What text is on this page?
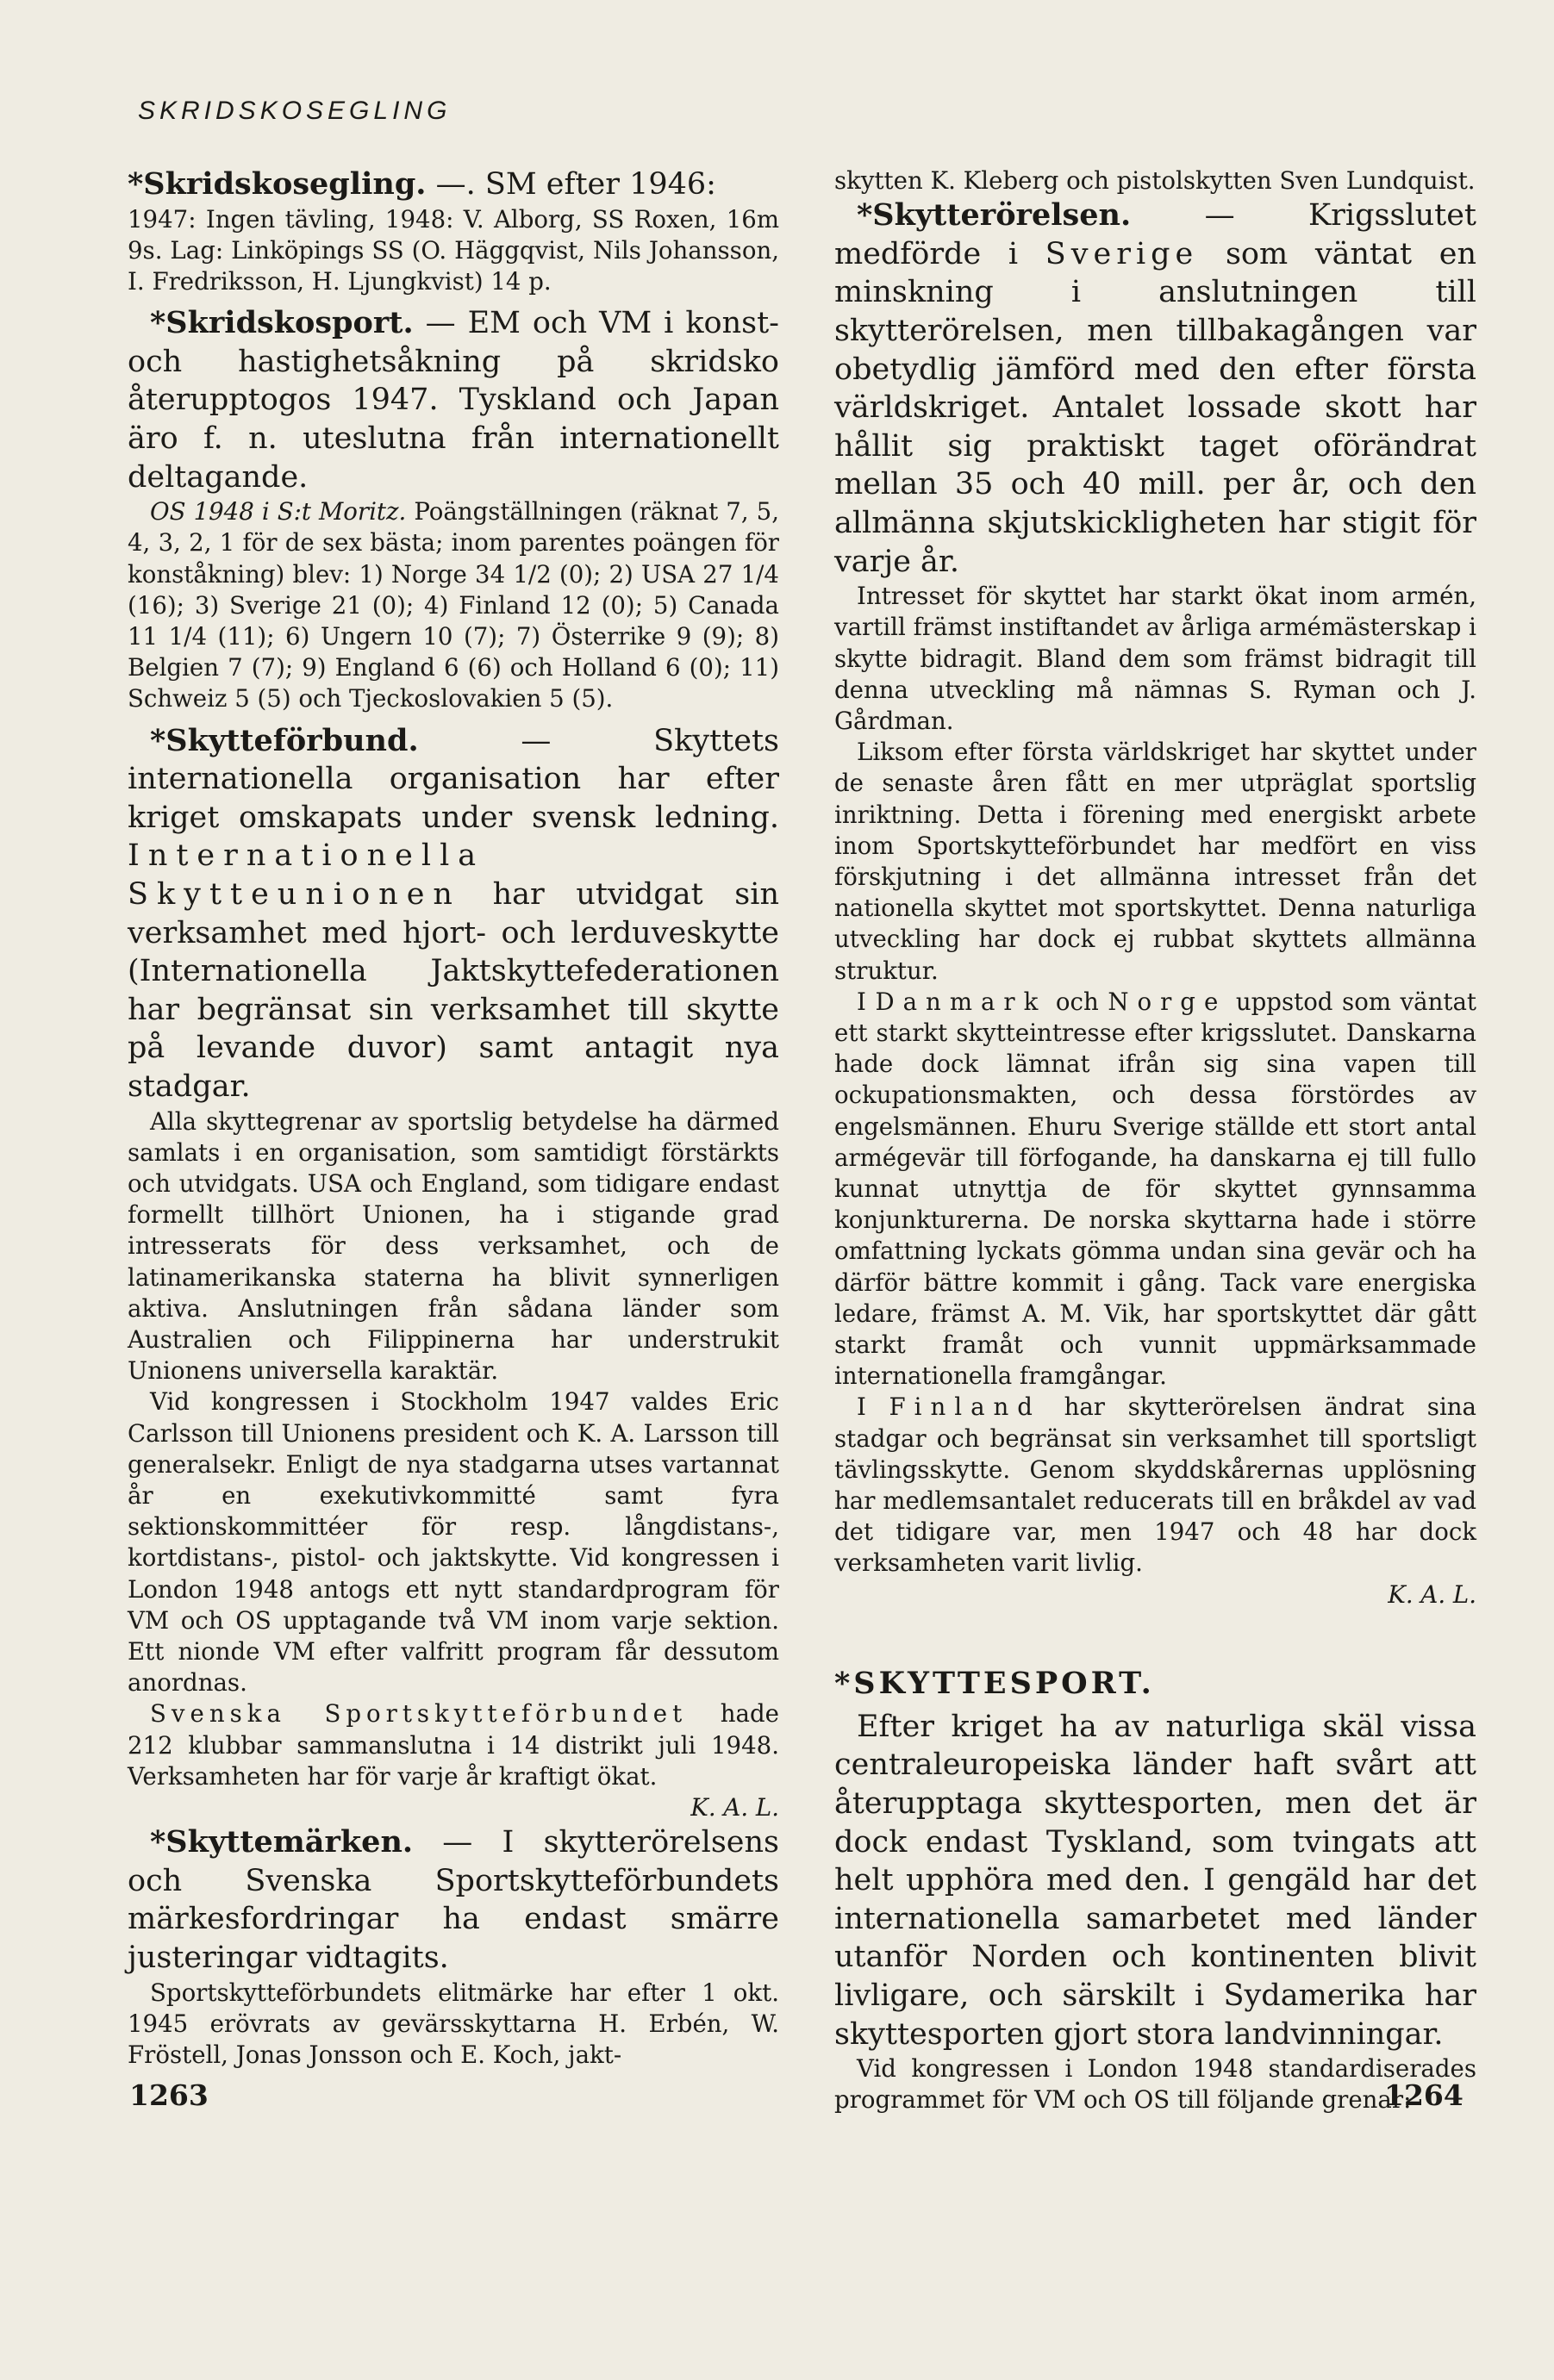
SKRIDSKOSEGLING

*Skridskosegling. —. SM efter 1946:

1947: Ingen tävling, 1948: V. Alborg, SS Roxen, 16m 9s. Lag: Linköpings SS (O. Häggqvist, Nils Johansson, I. Fredriksson, H. Ljungkvist) 14 p.

*Skridskosport. — EM och VM i konst- och hastighetsåkning på skridsko återupptogos 1947. Tyskland och Japan äro f. n. uteslutna från internationellt deltagande.

OS 1948 i S:t Moritz. Poängställningen (räknat 7, 5, 4, 3, 2, 1 för de sex bästa; inom parentes poängen för konståkning) blev: 1) Norge 34 1/2 (0); 2) USA 27 1/4 (16); 3) Sverige 21 (0); 4) Finland 12 (0); 5) Canada 11 1/4 (11); 6) Ungern 10 (7); 7) Österrike 9 (9); 8) Belgien 7 (7); 9) England 6 (6) och Holland 6 (0); 11) Schweiz 5 (5) och Tjeckoslovakien 5 (5).

*Skytteförbund. — Skyttets internationella organisation har efter kriget omskapats under svensk ledning. Internationella Skytteunionen har utvidgat sin verksamhet med hjort- och lerduveskytte (Internationella Jaktskyttefederationen har begränsat sin verksamhet till skytte på levande duvor) samt antagit nya stadgar.

Alla skyttegrenar av sportslig betydelse ha därmed samlats i en organisation, som samtidigt förstärkts och utvidgats. USA och England, som tidigare endast formellt tillhört Unionen, ha i stigande grad intresserats för dess verksamhet, och de latinamerikanska staterna ha blivit synnerligen aktiva. Anslutningen från sådana länder som Australien och Filippinerna har understrukit Unionens universella karaktär.

Vid kongressen i Stockholm 1947 valdes Eric Carlsson till Unionens president och K. A. Larsson till generalsekr. Enligt de nya stadgarna utses vartannat år en exekutivkommitté samt fyra sektionskommittéer för resp. långdistans-, kortdistans-, pistol- och jaktskytte. Vid kongressen i London 1948 antogs ett nytt standardprogram för VM och OS upptagande två VM inom varje sektion. Ett nionde VM efter valfritt program får dessutom anordnas.

Svenska Sportskytteförbundet hade 212 klubbar sammanslutna i 14 distrikt juli 1948. Verksamheten har för varje år kraftigt ökat.

K. A. L.

*Skyttemärken. — I skytterörelsens och Svenska Sportskytteförbundets märkesfordringar ha endast smärre justeringar vidtagits.

Sportskytteförbundets elitmärke har efter 1 okt. 1945 erövrats av gevärsskyttarna H. Erbén, W. Fröstell, Jonas Jonsson och E. Koch, jakt-

skytten K. Kleberg och pistolskytten Sven Lundquist.

*Skytterörelsen. — Krigsslutet medförde i Sverige som väntat en minskning i anslutningen till skytterörelsen, men tillbakagången var obetydlig jämförd med den efter första världskriget. Antalet lossade skott har hållit sig praktiskt taget oförändrat mellan 35 och 40 mill. per år, och den allmänna skjutskickligheten har stigit för varje år.

Intresset för skyttet har starkt ökat inom armén, vartill främst instiftandet av årliga armémästerskap i skytte bidragit. Bland dem som främst bidragit till denna utveckling må nämnas S. Ryman och J. Gårdman.

Liksom efter första världskriget har skyttet under de senaste åren fått en mer utpräglat sportslig inriktning. Detta i förening med energiskt arbete inom Sportskytteförbundet har medfört en viss förskjutning i det allmänna intresset från det nationella skyttet mot sportskyttet. Denna naturliga utveckling har dock ej rubbat skyttets allmänna struktur.

I Danmark och Norge uppstod som väntat ett starkt skytteintresse efter krigsslutet. Danskarna hade dock lämnat ifrån sig sina vapen till ockupationsmakten, och dessa förstördes av engelsmännen. Ehuru Sverige ställde ett stort antal armégevär till förfogande, ha danskarna ej till fullo kunnat utnyttja de för skyttet gynnsamma konjunkturerna. De norska skyttarna hade i större omfattning lyckats gömma undan sina gevär och ha därför bättre kommit i gång. Tack vare energiska ledare, främst A. M. Vik, har sportskyttet där gått starkt framåt och vunnit uppmärksammade internationella framgångar.

I Finland har skytterörelsen ändrat sina stadgar och begränsat sin verksamhet till sportsligt tävlingsskytte. Genom skyddskårernas upplösning har medlemsantalet reducerats till en bråkdel av vad det tidigare var, men 1947 och 48 har dock verksamheten varit livlig.

K. A. L.
*SKYTTESPORT.

Efter kriget ha av naturliga skäl vissa centraleuropeiska länder haft svårt att återupptaga skyttesporten, men det är dock endast Tyskland, som tvingats att helt upphöra med den. I gengäld har det internationella samarbetet med länder utanför Norden och kontinenten blivit livligare, och särskilt i Sydamerika har skyttesporten gjort stora landvinningar.

Vid kongressen i London 1948 standardiserades programmet för VM och OS till följande grenar:

1263	1264
